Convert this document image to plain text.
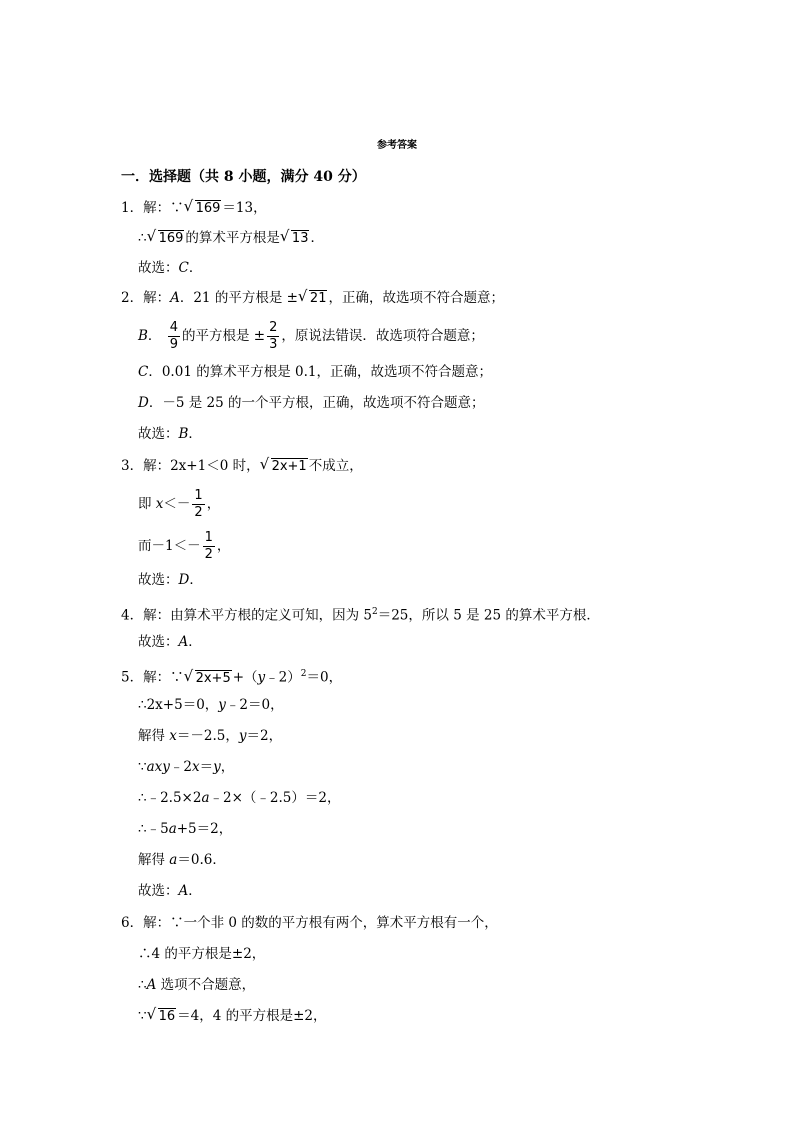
参考答案
一．选择题（共 8 小题，满分 40 分）
1．解：∵ √ 169 ＝13，
∴ √ 169 的算术平方根是 √ 13 ．
故选：C．
2．解：A．21 的平方根是 ± √ 21 ，正确，故选项不符合题意；
B． $\frac{4}{9}$ 的平方根是 ± $\frac{2}{3}$ ，原说法错误．故选项符合题意；
C．0.01 的算术平方根是 0.1，正确，故选项不符合题意；
D．－5 是 25 的一个平方根，正确，故选项不符合题意；
故选：B．
3．解：2x+1＜0 时， √ 2x+1 不成立，
即 $x<- \frac{1}{2}$ ，
而$-1<- \frac{1}{2}$ ，
故选：D．
4．解：由算术平方根的定义可知，因为 $5^2=25$，所以 5 是 25 的算术平方根．
故选：A．
5．解：∵ √ 2x+5 +（y﹣2）$^2$＝0，
∴2x+5＝0，y﹣2＝0，
解得 x＝－2.5，y＝2，
∵axy﹣2x＝y，
∴﹣2.5×2a﹣2×（﹣2.5）＝2，
∴﹣5a+5＝2，
解得 a＝0.6．
故选：A．
6．解：∵一个非 0 的数的平方根有两个，算术平方根有一个，
∴4 的平方根是±2，
∴A 选项不合题意，
∵ √ 16 ＝4，4 的平方根是±2，
